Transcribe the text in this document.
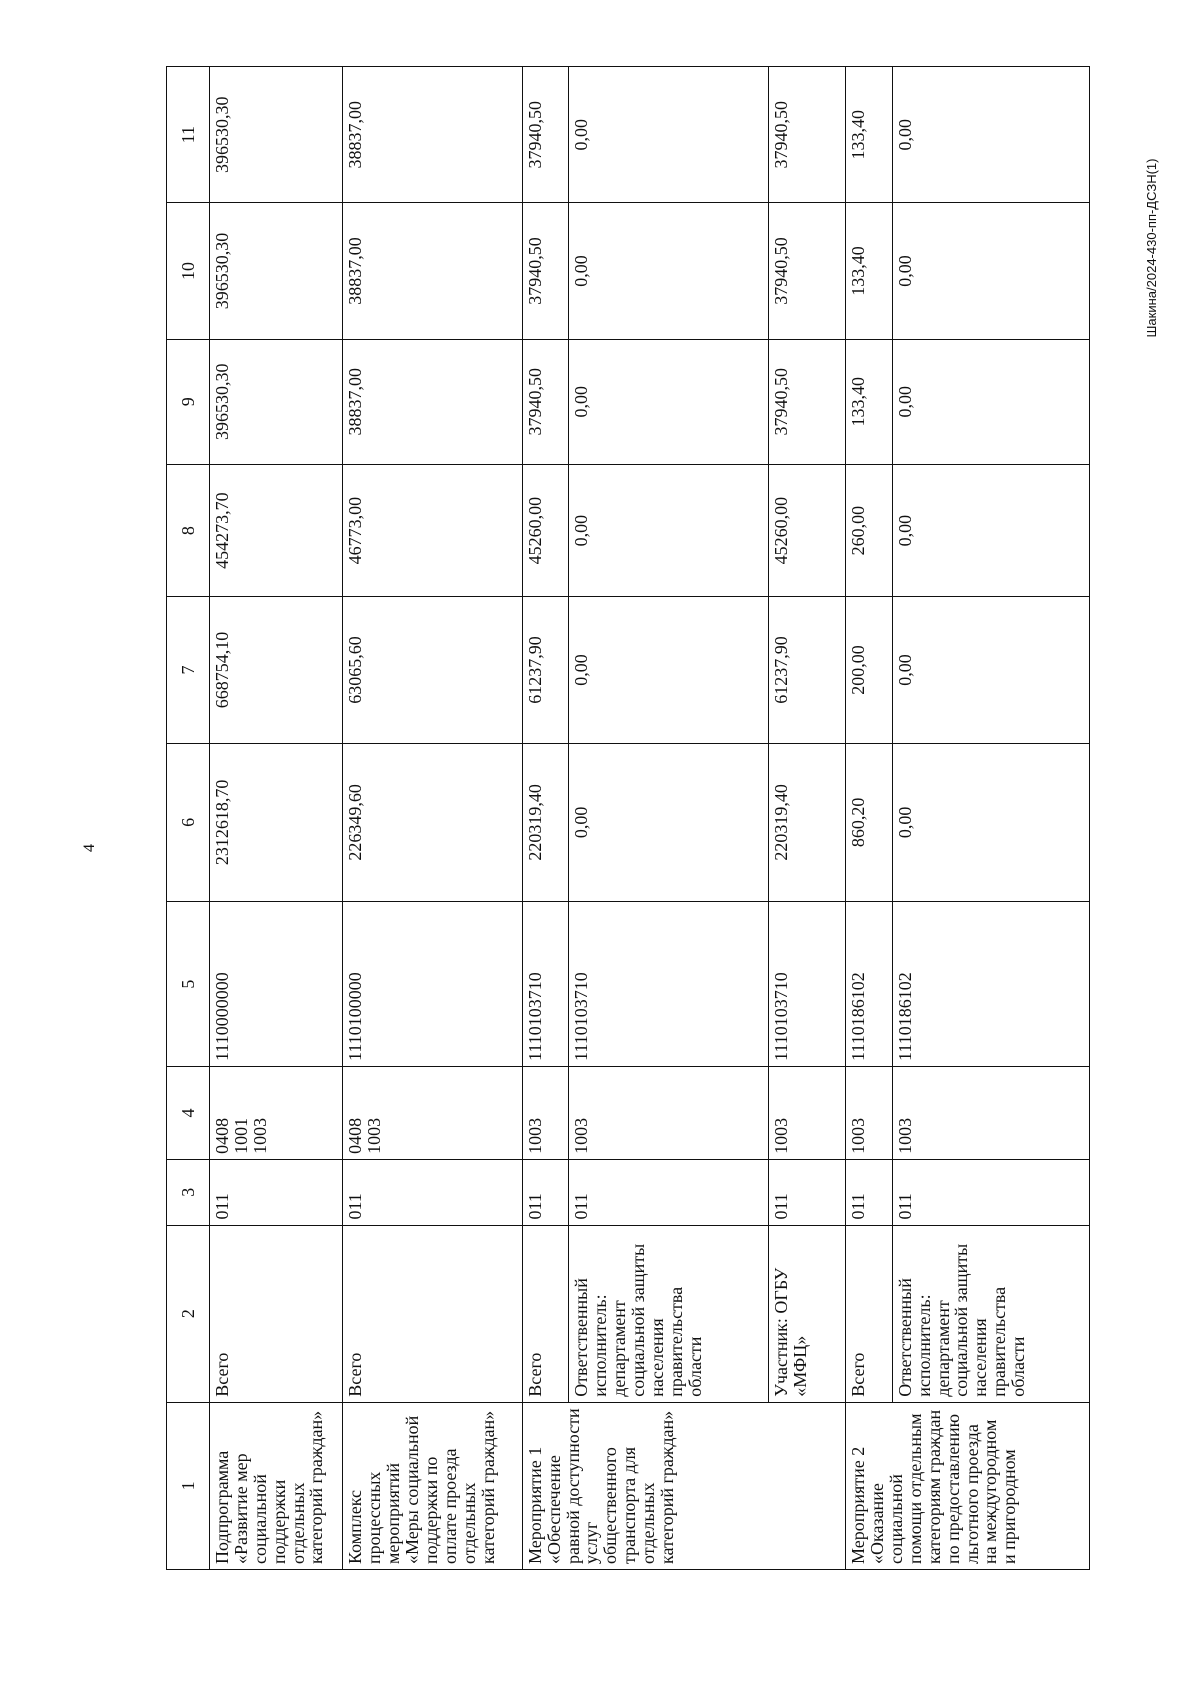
4
Шакина/2024-430-пп-ДСЗН(1)
1	2	3	4	5	6	7	8	9	10	11
Подпрограмма «Развитие мер социальной поддержки отдельных категорий граждан»	Всего	011	0408
1001
1003	1110000000	2312618,70	668754,10	454273,70	396530,30	396530,30	396530,30
Комплекс процессных мероприятий «Меры социальной поддержки по оплате проезда отдельных категорий граждан»	Всего	011	0408
1003	1110100000	226349,60	63065,60	46773,00	38837,00	38837,00	38837,00
Мероприятие 1 «Обеспечение равной доступности услуг общественного транспорта для отдельных категорий граждан»	Всего	011	1003	1110103710	220319,40	61237,90	45260,00	37940,50	37940,50	37940,50
	Ответственный исполнитель: департамент социальной защиты населения правительства области	011	1003	1110103710	0,00	0,00	0,00	0,00	0,00	0,00
	Участник: ОГБУ «МФЦ»	011	1003	1110103710	220319,40	61237,90	45260,00	37940,50	37940,50	37940,50
Мероприятие 2 «Оказание социальной помощи отдельным категориям граждан по предоставлению льготного проезда на междугородном и пригородном	Всего	011	1003	1110186102	860,20	200,00	260,00	133,40	133,40	133,40
	Ответственный исполнитель: департамент социальной защиты населения правительства области	011	1003	1110186102	0,00	0,00	0,00	0,00	0,00	0,00
